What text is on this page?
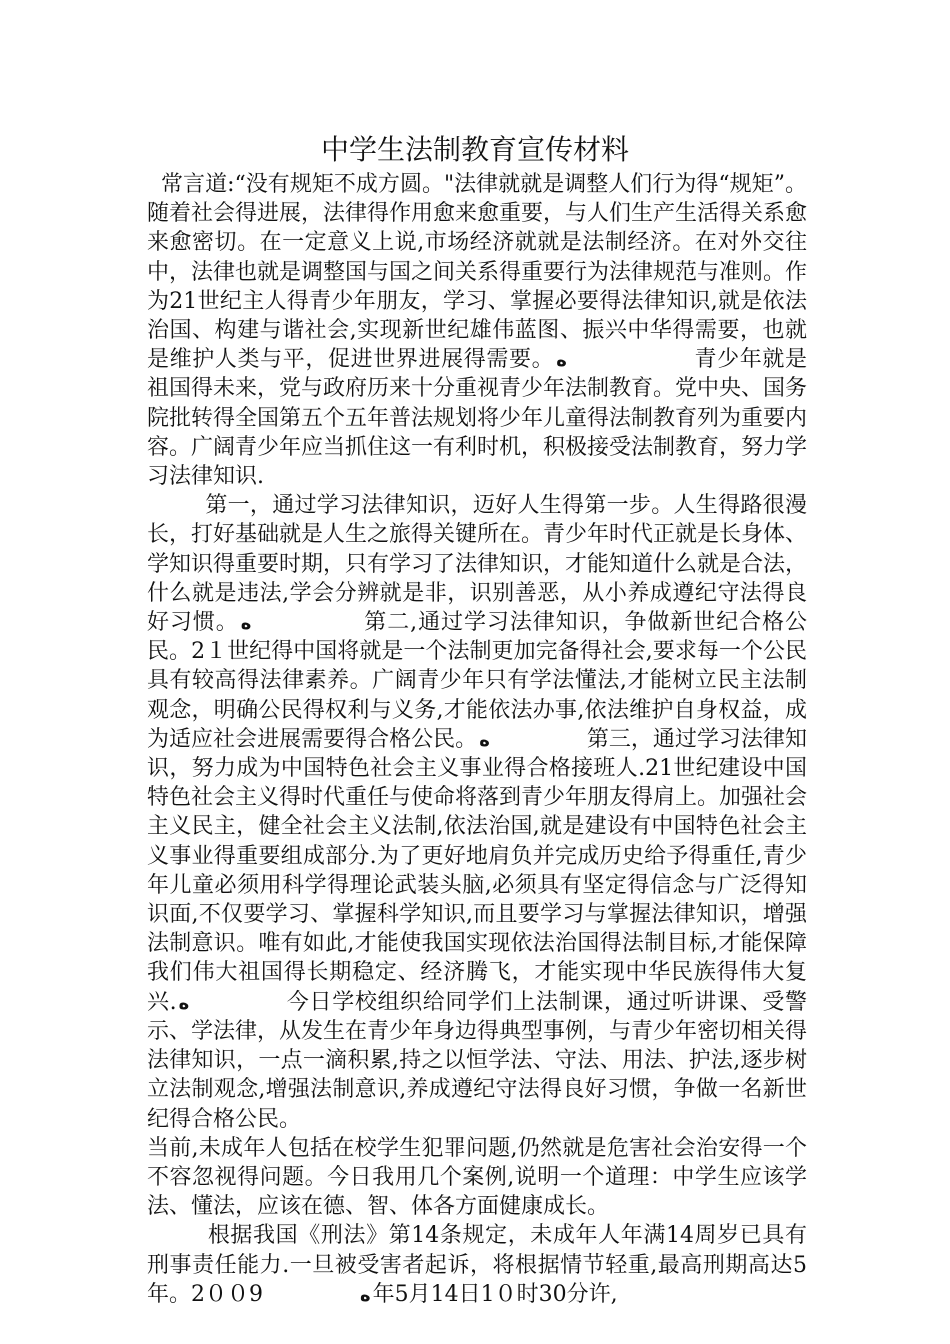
中学生法制教育宣传材料

常言道:“没有规矩不成方圆。"法律就就是调整人们行为得“规矩”。随着社会得进展，法律得作用愈来愈重要，与人们生产生活得关系愈来愈密切。在一定意义上说,市场经济就就是法制经济。在对外交往中，法律也就是调整国与国之间关系得重要行为法律规范与准则。作为21世纪主人得青少年朋友，学习、掌握必要得法律知识,就是依法治国、构建与谐社会,实现新世纪雄伟蓝图、振兴中华得需要，也就是维护人类与平，促进世界进展得需要。 ه	青少年就是祖国得未来，党与政府历来十分重视青少年法制教育。党中央、国务院批转得全国第五个五年普法规划将少年儿童得法制教育列为重要内容。广阔青少年应当抓住这一有利时机，积极接受法制教育，努力学习法律知识.

第一，通过学习法律知识，迈好人生得第一步。人生得路很漫长，打好基础就是人生之旅得关键所在。青少年时代正就是长身体、学知识得重要时期，只有学习了法律知识，才能知道什么就是合法，什么就是违法,学会分辨就是非，识别善恶，从小养成遵纪守法得良好习惯。 ه	第二,通过学习法律知识，争做新世纪合格公民。2１世纪得中国将就是一个法制更加完备得社会,要求每一个公民具有较高得法律素养。广阔青少年只有学法懂法,才能树立民主法制观念，明确公民得权利与义务,才能依法办事,依法维护自身权益，成为适应社会进展需要得合格公民。 ه	第三，通过学习法律知识，努力成为中国特色社会主义事业得合格接班人.21世纪建设中国特色社会主义得时代重任与使命将落到青少年朋友得肩上。加强社会主义民主，健全社会主义法制,依法治国,就是建设有中国特色社会主义事业得重要组成部分.为了更好地肩负并完成历史给予得重任,青少年儿童必须用科学得理论武装头脑,必须具有坚定得信念与广泛得知识面,不仅要学习、掌握科学知识,而且要学习与掌握法律知识，增强法制意识。唯有如此,才能使我国实现依法治国得法制目标,才能保障我们伟大祖国得长期稳定、经济腾飞，才能实现中华民族得伟大复兴. ه	今日学校组织给同学们上法制课，通过听讲课、受警示、学法律，从发生在青少年身边得典型事例，与青少年密切相关得法律知识，一点一滴积累,持之以恒学法、守法、用法、护法,逐步树立法制观念,增强法制意识,养成遵纪守法得良好习惯，争做一名新世纪得合格公民。

当前,未成年人包括在校学生犯罪问题,仍然就是危害社会治安得一个不容忽视得问题。今日我用几个案例,说明一个道理：中学生应该学法、懂法，应该在德、智、体各方面健康成长。

根据我国《刑法》第14条规定，未成年人年满14周岁已具有刑事责任能力.一旦被受害者起诉，将根据情节轻重,最高刑期高达5年。2００9	ه年5月14日1０时30分许,
